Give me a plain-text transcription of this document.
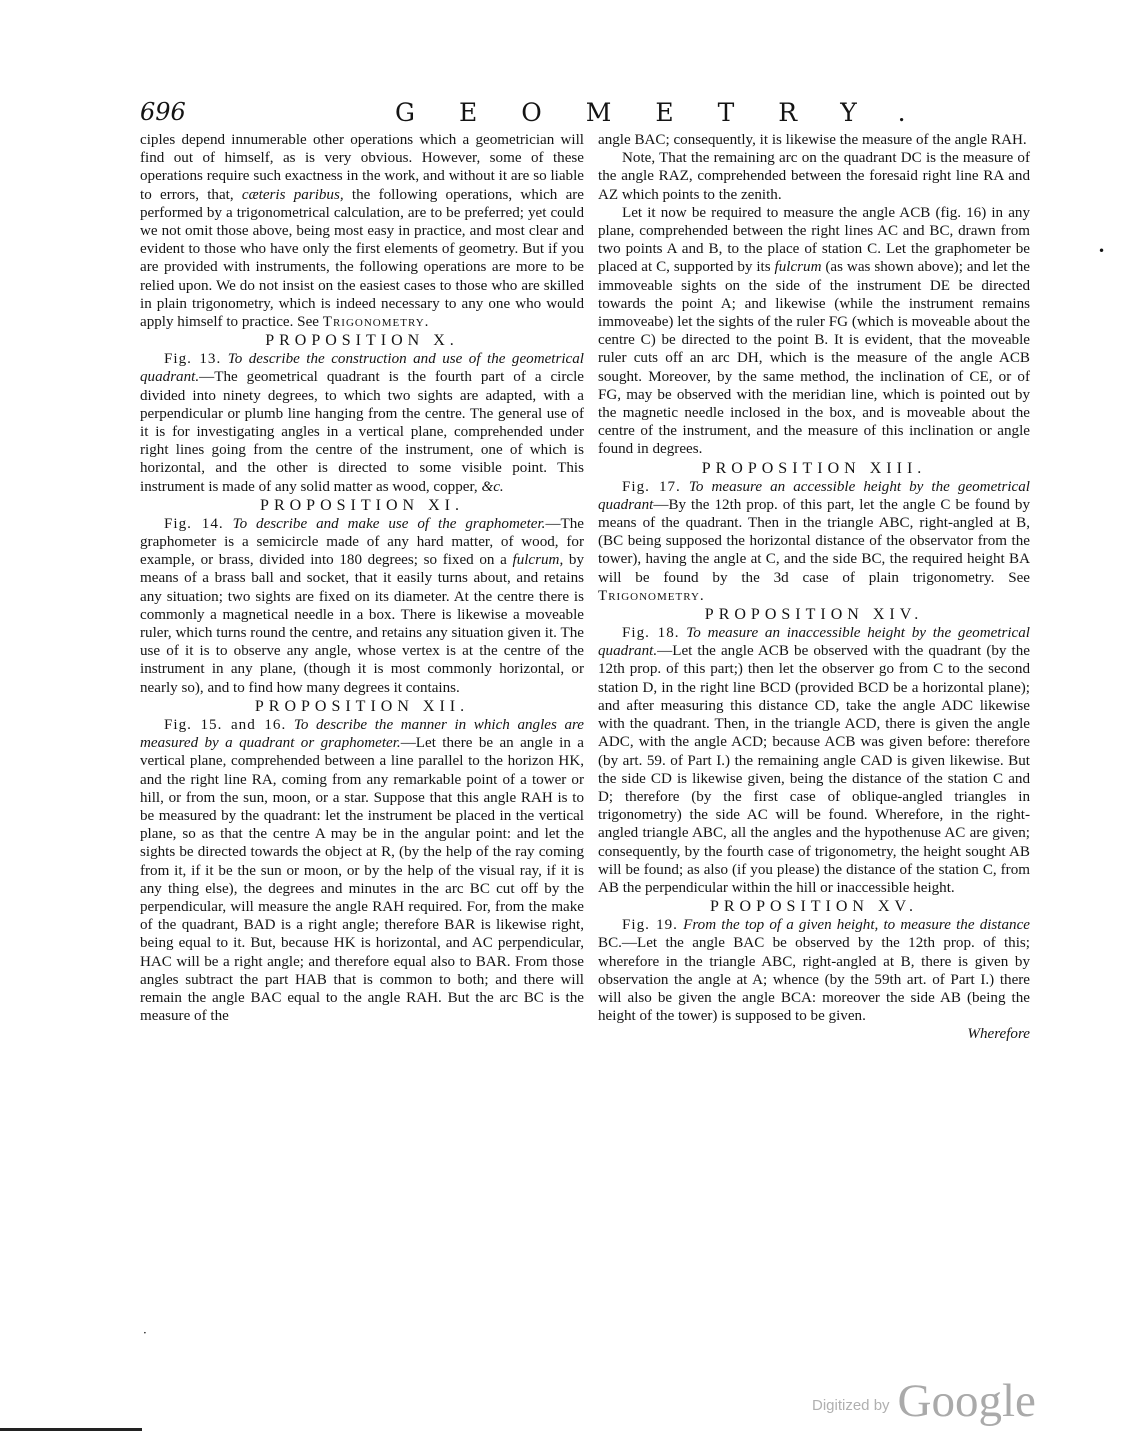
696	GEOMETRY.

ciples depend innumerable other operations which a geometrician will find out of himself, as is very obvious. However, some of these operations require such exactness in the work, and without it are so liable to errors, that, cæteris paribus, the following operations, which are performed by a trigonometrical calculation, are to be preferred; yet could we not omit those above, being most easy in practice, and most clear and evident to those who have only the first elements of geometry. But if you are provided with instruments, the following operations are more to be relied upon. We do not insist on the easiest cases to those who are skilled in plain trigonometry, which is indeed necessary to any one who would apply himself to practice. See Trigonometry.

PROPOSITION X.

Fig. 13. To describe the construction and use of the geometrical quadrant.—The geometrical quadrant is the fourth part of a circle divided into ninety degrees, to which two sights are adapted, with a perpendicular or plumb line hanging from the centre. The general use of it is for investigating angles in a vertical plane, comprehended under right lines going from the centre of the instrument, one of which is horizontal, and the other is directed to some visible point. This instrument is made of any solid matter as wood, copper, &c.

PROPOSITION XI.

Fig. 14. To describe and make use of the graphometer.—The graphometer is a semicircle made of any hard matter, of wood, for example, or brass, divided into 180 degrees; so fixed on a fulcrum, by means of a brass ball and socket, that it easily turns about, and retains any situation; two sights are fixed on its diameter. At the centre there is commonly a magnetical needle in a box. There is likewise a moveable ruler, which turns round the centre, and retains any situation given it. The use of it is to observe any angle, whose vertex is at the centre of the instrument in any plane, (though it is most commonly horizontal, or nearly so), and to find how many degrees it contains.

PROPOSITION XII.

Fig. 15. and 16. To describe the manner in which angles are measured by a quadrant or graphometer.—Let there be an angle in a vertical plane, comprehended between a line parallel to the horizon HK, and the right line RA, coming from any remarkable point of a tower or hill, or from the sun, moon, or a star. Suppose that this angle RAH is to be measured by the quadrant: let the instrument be placed in the vertical plane, so as that the centre A may be in the angular point: and let the sights be directed towards the object at R, (by the help of the ray coming from it, if it be the sun or moon, or by the help of the visual ray, if it is any thing else), the degrees and minutes in the arc BC cut off by the perpendicular, will measure the angle RAH required. For, from the make of the quadrant, BAD is a right angle; therefore BAR is likewise right, being equal to it. But, because HK is horizontal, and AC perpendicular, HAC will be a right angle; and therefore equal also to BAR. From those angles subtract the part HAB that is common to both; and there will remain the angle BAC equal to the angle RAH. But the arc BC is the measure of the

angle BAC; consequently, it is likewise the measure of the angle RAH.

Note, That the remaining arc on the quadrant DC is the measure of the angle RAZ, comprehended between the foresaid right line RA and AZ which points to the zenith.

Let it now be required to measure the angle ACB (fig. 16) in any plane, comprehended between the right lines AC and BC, drawn from two points A and B, to the place of station C. Let the graphometer be placed at C, supported by its fulcrum (as was shown above); and let the immoveable sights on the side of the instrument DE be directed towards the point A; and likewise (while the instrument remains immoveabe) let the sights of the ruler FG (which is moveable about the centre C) be directed to the point B. It is evident, that the moveable ruler cuts off an arc DH, which is the measure of the angle ACB sought. Moreover, by the same method, the inclination of CE, or of FG, may be observed with the meridian line, which is pointed out by the magnetic needle inclosed in the box, and is moveable about the centre of the instrument, and the measure of this inclination or angle found in degrees.

PROPOSITION XIII.

Fig. 17. To measure an accessible height by the geometrical quadrant—By the 12th prop. of this part, let the angle C be found by means of the quadrant. Then in the triangle ABC, right-angled at B, (BC being supposed the horizontal distance of the observator from the tower), having the angle at C, and the side BC, the required height BA will be found by the 3d case of plain trigonometry. See Trigonometry.

PROPOSITION XIV.

Fig. 18. To measure an inaccessible height by the geometrical quadrant.—Let the angle ACB be observed with the quadrant (by the 12th prop. of this part;) then let the observer go from C to the second station D, in the right line BCD (provided BCD be a horizontal plane); and after measuring this distance CD, take the angle ADC likewise with the quadrant. Then, in the triangle ACD, there is given the angle ADC, with the angle ACD; because ACB was given before: therefore (by art. 59. of Part I.) the remaining angle CAD is given likewise. But the side CD is likewise given, being the distance of the station C and D; therefore (by the first case of oblique-angled triangles in trigonometry) the side AC will be found. Wherefore, in the right-angled triangle ABC, all the angles and the hypothenuse AC are given; consequently, by the fourth case of trigonometry, the height sought AB will be found; as also (if you please) the distance of the station C, from AB the perpendicular within the hill or inaccessible height.

PROPOSITION XV.

Fig. 19. From the top of a given height, to measure the distance BC.—Let the angle BAC be observed by the 12th prop. of this; wherefore in the triangle ABC, right-angled at B, there is given by observation the angle at A; whence (by the 59th art. of Part I.) there will also be given the angle BCA: moreover the side AB (being the height of the tower) is supposed to be given.

Wherefore

•
·
Digitized by Google
